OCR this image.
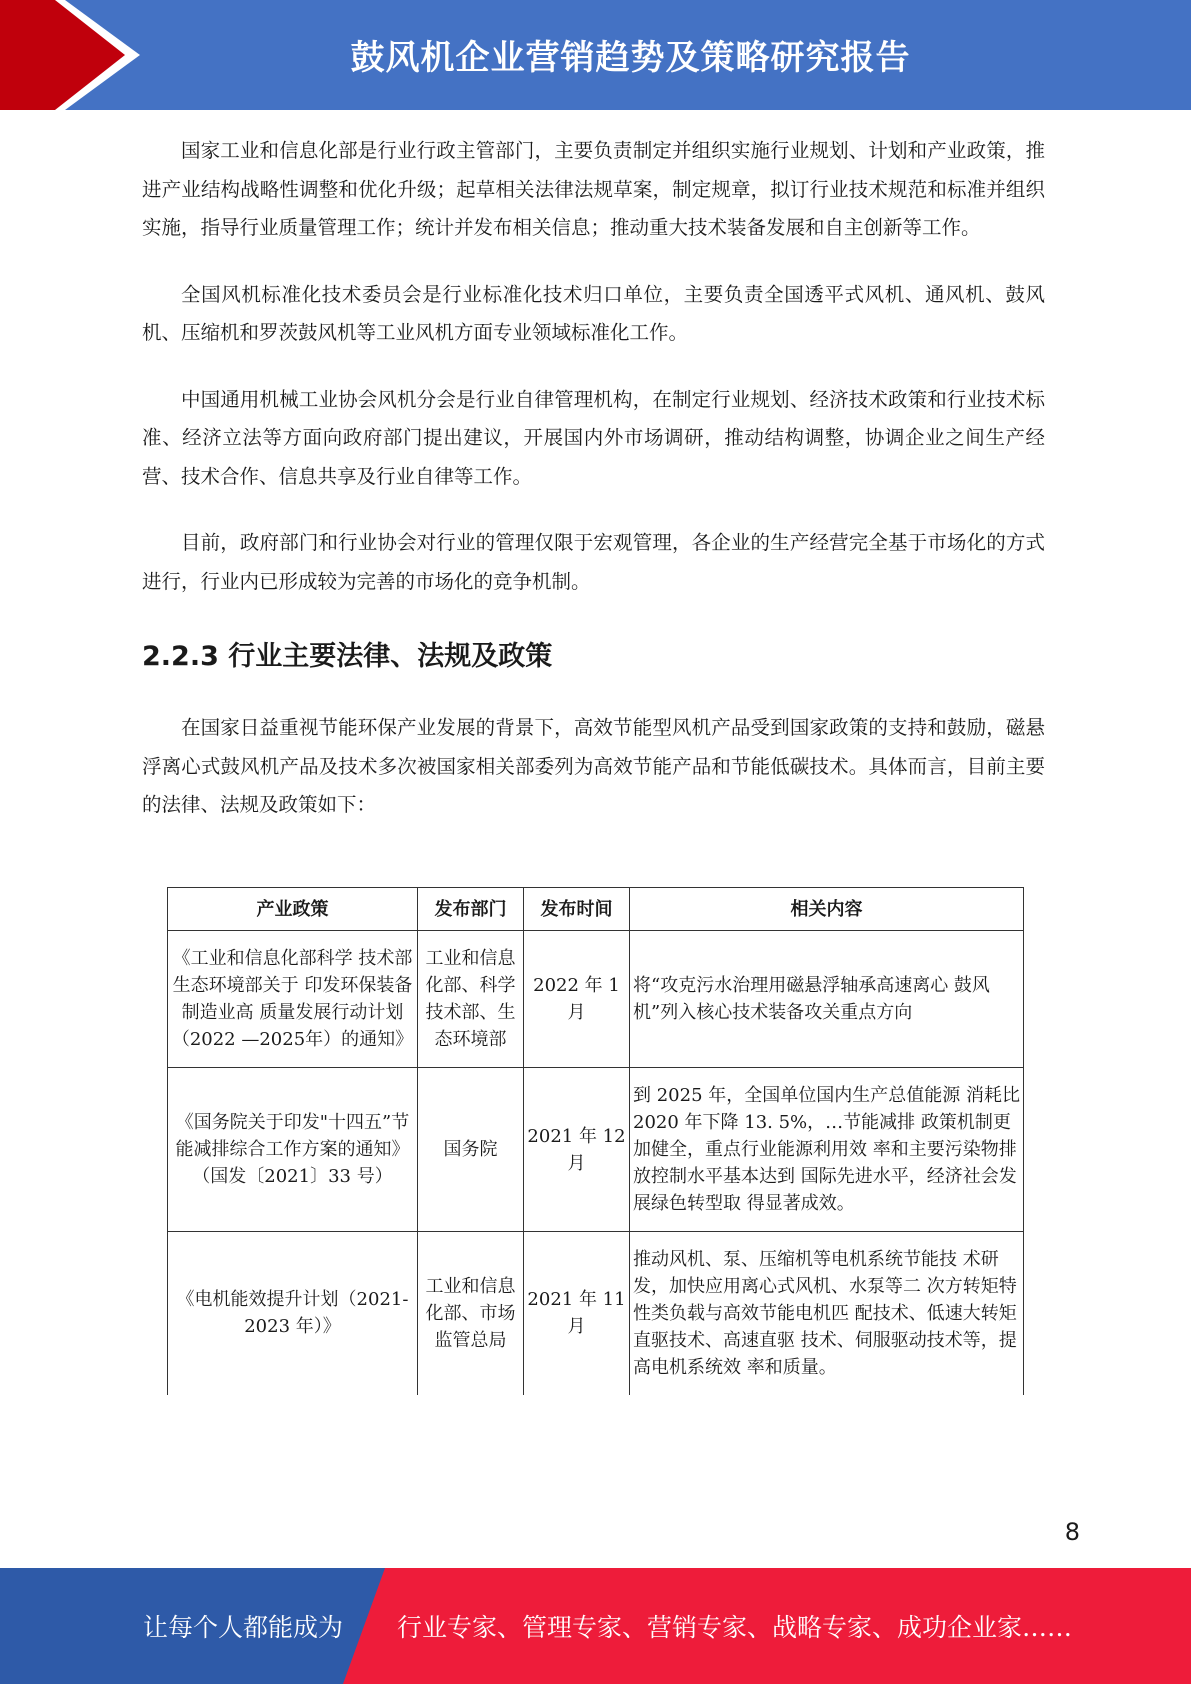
鼓风机企业营销趋势及策略研究报告

国家工业和信息化部是行业行政主管部门，主要负责制定并组织实施行业规划、计划和产业政策，推进产业结构战略性调整和优化升级；起草相关法律法规草案，制定规章，拟订行业技术规范和标准并组织实施，指导行业质量管理工作；统计并发布相关信息；推动重大技术装备发展和自主创新等工作。

全国风机标准化技术委员会是行业标准化技术归口单位，主要负责全国透平式风机、通风机、鼓风机、压缩机和罗茨鼓风机等工业风机方面专业领域标准化工作。

中国通用机械工业协会风机分会是行业自律管理机构，在制定行业规划、经济技术政策和行业技术标准、经济立法等方面向政府部门提出建议，开展国内外市场调研，推动结构调整，协调企业之间生产经营、技术合作、信息共享及行业自律等工作。

目前，政府部门和行业协会对行业的管理仅限于宏观管理，各企业的生产经营完全基于市场化的方式进行，行业内已形成较为完善的市场化的竞争机制。

2.2.3 行业主要法律、法规及政策

在国家日益重视节能环保产业发展的背景下，高效节能型风机产品受到国家政策的支持和鼓励，磁悬浮离心式鼓风机产品及技术多次被国家相关部委列为高效节能产品和节能低碳技术。具体而言，目前主要的法律、法规及政策如下：

产业政策	发布部门	发布时间	相关内容
《工业和信息化部科学 技术部生态环境部关于 印发环保装备制造业高 质量发展行动计划（2022 —2025年）的通知》	工业和信息化部、科学技术部、生态环境部	2022 年 1 月	将“攻克污水治理用磁悬浮轴承高速离心 鼓风机”列入核心技术装备攻关重点方向
《国务院关于印发"十四五”节能减排综合工作方案的通知》（国发〔2021〕33 号）	国务院	2021 年 12 月	到 2025 年，全国单位国内生产总值能源 消耗比 2020 年下降 13. 5%，…节能减排 政策机制更加健全，重点行业能源利用效 率和主要污染物排放控制水平基本达到 国际先进水平，经济社会发展绿色转型取 得显著成效。
《电机能效提升计划（2021-2023 年）》	工业和信息化部、市场监管总局	2021 年 11 月	推动风机、泵、压缩机等电机系统节能技 术研发，加快应用离心式风机、水泵等二 次方转矩特性类负载与高效节能电机匹 配技术、低速大转矩直驱技术、高速直驱 技术、伺服驱动技术等，提高电机系统效 率和质量。
8
让每个人都能成为 行业专家、管理专家、营销专家、战略专家、成功企业家……
